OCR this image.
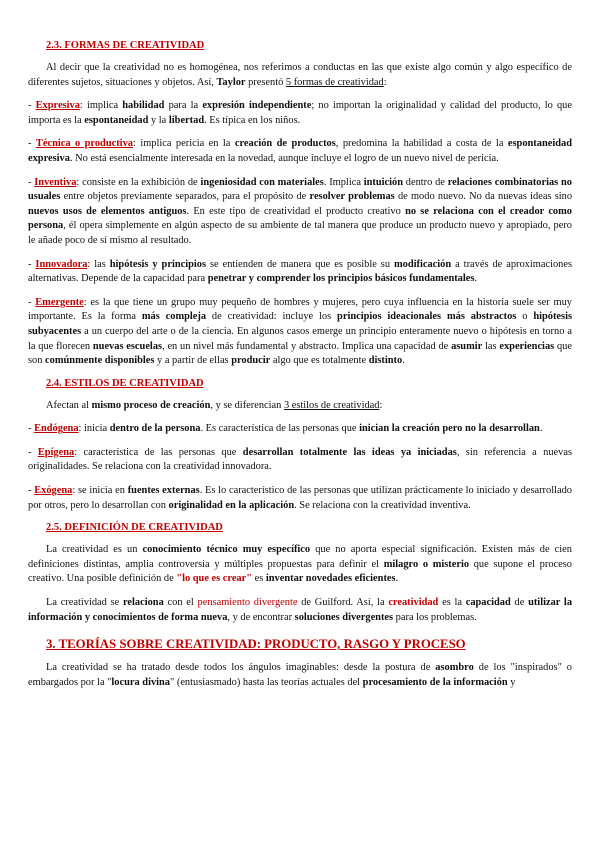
2.3. FORMAS DE CREATIVIDAD

Al decir que la creatividad no es homogénea, nos referimos a conductas en las que existe algo común y algo específico de diferentes sujetos, situaciones y objetos. Así, Taylor presentó 5 formas de creatividad:

- Expresiva: implica habilidad para la expresión independiente; no importan la originalidad y calidad del producto, lo que importa es la espontaneidad y la libertad. Es típica en los niños.

- Técnica o productiva: implica pericia en la creación de productos, predomina la habilidad a costa de la espontaneidad expresiva. No está esencialmente interesada en la novedad, aunque incluye el logro de un nuevo nivel de pericia.

- Inventiva: consiste en la exhibición de ingeniosidad con materiales. Implica intuición dentro de relaciones combinatorias no usuales entre objetos previamente separados, para el propósito de resolver problemas de modo nuevo. No da nuevas ideas sino nuevos usos de elementos antiguos. En este tipo de creatividad el producto creativo no se relaciona con el creador como persona, él opera simplemente en algún aspecto de su ambiente de tal manera que produce un producto nuevo y apropiado, pero le añade poco de sí mismo al resultado.

- Innovadora: las hipótesis y principios se entienden de manera que es posible su modificación a través de aproximaciones alternativas. Depende de la capacidad para penetrar y comprender los principios básicos fundamentales.

- Emergente: es la que tiene un grupo muy pequeño de hombres y mujeres, pero cuya influencia en la historia suele ser muy importante. Es la forma más compleja de creatividad: incluye los principios ideacionales más abstractos o hipótesis subyacentes a un cuerpo del arte o de la ciencia. En algunos casos emerge un principio enteramente nuevo o hipótesis en torno a la que florecen nuevas escuelas, en un nivel más fundamental y abstracto. Implica una capacidad de asumir las experiencias que son comúnmente disponibles y a partir de ellas producir algo que es totalmente distinto.

2.4. ESTILOS DE CREATIVIDAD

Afectan al mismo proceso de creación, y se diferencian 3 estilos de creatividad:

- Endógena: inicia dentro de la persona. Es característica de las personas que inician la creación pero no la desarrollan.

- Epígena: característica de las personas que desarrollan totalmente las ideas ya iniciadas, sin referencia a nuevas originalidades. Se relaciona con la creatividad innovadora.

- Exógena: se inicia en fuentes externas. Es lo característico de las personas que utilizan prácticamente lo iniciado y desarrollado por otros, pero lo desarrollan con originalidad en la aplicación. Se relaciona con la creatividad inventiva.

2.5. DEFINICIÓN DE CREATIVIDAD

La creatividad es un conocimiento técnico muy específico que no aporta especial significación. Existen más de cien definiciones distintas, amplia controversia y múltiples propuestas para definir el milagro o misterio que supone el proceso creativo. Una posible definición de "lo que es crear" es inventar novedades eficientes.

La creatividad se relaciona con el pensamiento divergente de Guilford. Así, la creatividad es la capacidad de utilizar la información y conocimientos de forma nueva, y de encontrar soluciones divergentes para los problemas.

3. TEORÍAS SOBRE CREATIVIDAD: PRODUCTO, RASGO Y PROCESO

La creatividad se ha tratado desde todos los ángulos imaginables: desde la postura de asombro de los "inspirados" o embargados por la "locura divina" (entusiasmado) hasta las teorías actuales del procesamiento de la información y
